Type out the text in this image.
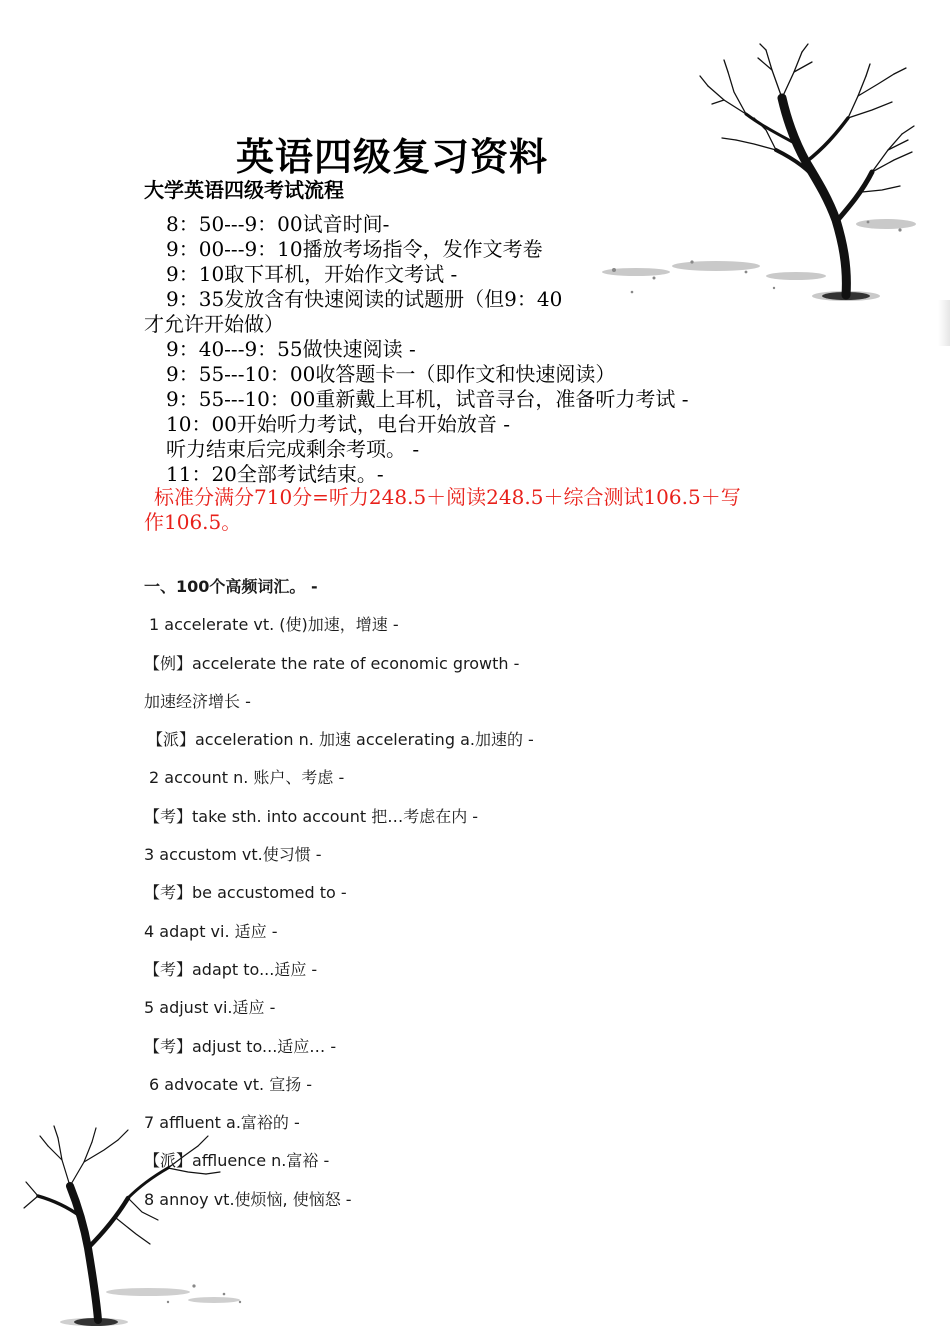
英语四级复习资料
大学英语四级考试流程
8：50---9：00试音时间-
9：00---9：10播放考场指令，发作文考卷
9：10取下耳机，开始作文考试 -
9：35发放含有快速阅读的试题册（但9：40
才允许开始做）
9：40---9：55做快速阅读 -
9：55---10：00收答题卡一（即作文和快速阅读）
9：55---10：00重新戴上耳机，试音寻台，准备听力考试 -
10：00开始听力考试，电台开始放音 -
听力结束后完成剩余考项。 -
11：20全部考试结束。-
标准分满分710分=听力248.5＋阅读248.5＋综合测试106.5＋写
作106.5。
一、100个高频词汇。 -
1 accelerate vt. (使)加速，增速 -
【例】accelerate the rate of economic growth -
加速经济增长 -
【派】acceleration n. 加速 accelerating a.加速的 -
2 account n. 账户、考虑 -
【考】take sth. into account 把…考虑在内 -
3 accustom vt.使习惯 -
【考】be accustomed to -
4 adapt vi. 适应 -
【考】adapt to...适应 -
5 adjust vi.适应 -
【考】adjust to...适应… -
6 advocate vt. 宣扬 -
7 affluent a.富裕的 -
【派】affluence n.富裕 -
8 annoy vt.使烦恼, 使恼怒 -
